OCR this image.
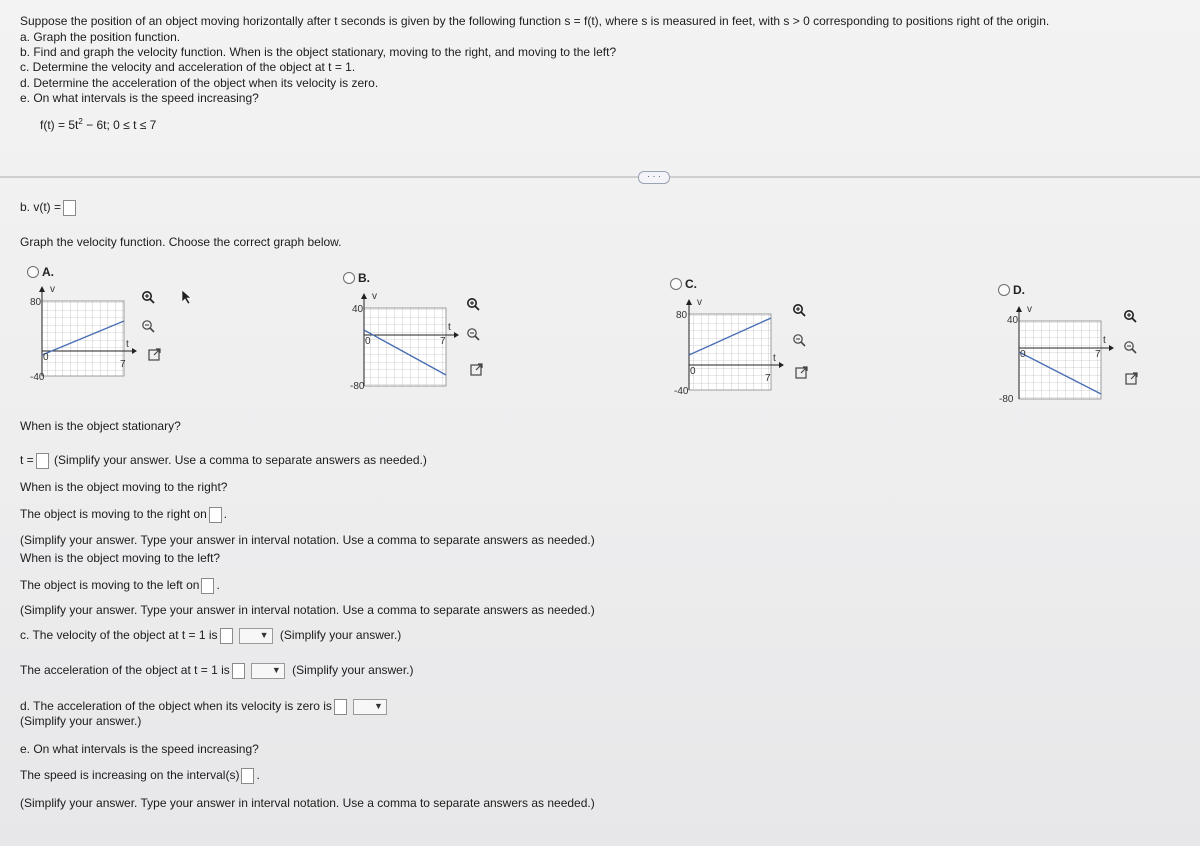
Suppose the position of an object moving horizontally after t seconds is given by the following function s = f(t), where s is measured in feet, with s > 0 corresponding to positions right of the origin.
a. Graph the position function.
b. Find and graph the velocity function. When is the object stationary, moving to the right, and moving to the left?
c. Determine the velocity and acceleration of the object at t = 1.
d. Determine the acceleration of the object when its velocity is zero.
e. On what intervals is the speed increasing?
$f(t) = 5t^2 - 6t$; 0 ≤ t ≤ 7
· · ·
b. v(t) =
Graph the velocity function. Choose the correct graph below.
A.
v
80
0
t
7
-40
B.
v
40
0
t
7
-80
C.
v
80
0
t
7
-40
D.
v
40
0
t
7
-80
When is the object stationary?
t = (Simplify your answer. Use a comma to separate answers as needed.)
When is the object moving to the right?
The object is moving to the right on .
(Simplify your answer. Type your answer in interval notation. Use a comma to separate answers as needed.)
When is the object moving to the left?
The object is moving to the left on .
(Simplify your answer. Type your answer in interval notation. Use a comma to separate answers as needed.)
c. The velocity of the object at t = 1 is ▼	(Simplify your answer.)
The acceleration of the object at t = 1 is ▼	(Simplify your answer.)
d. The acceleration of the object when its velocity is zero is▼
(Simplify your answer.)
e. On what intervals is the speed increasing?
The speed is increasing on the interval(s) .
(Simplify your answer. Type your answer in interval notation. Use a comma to separate answers as needed.)
